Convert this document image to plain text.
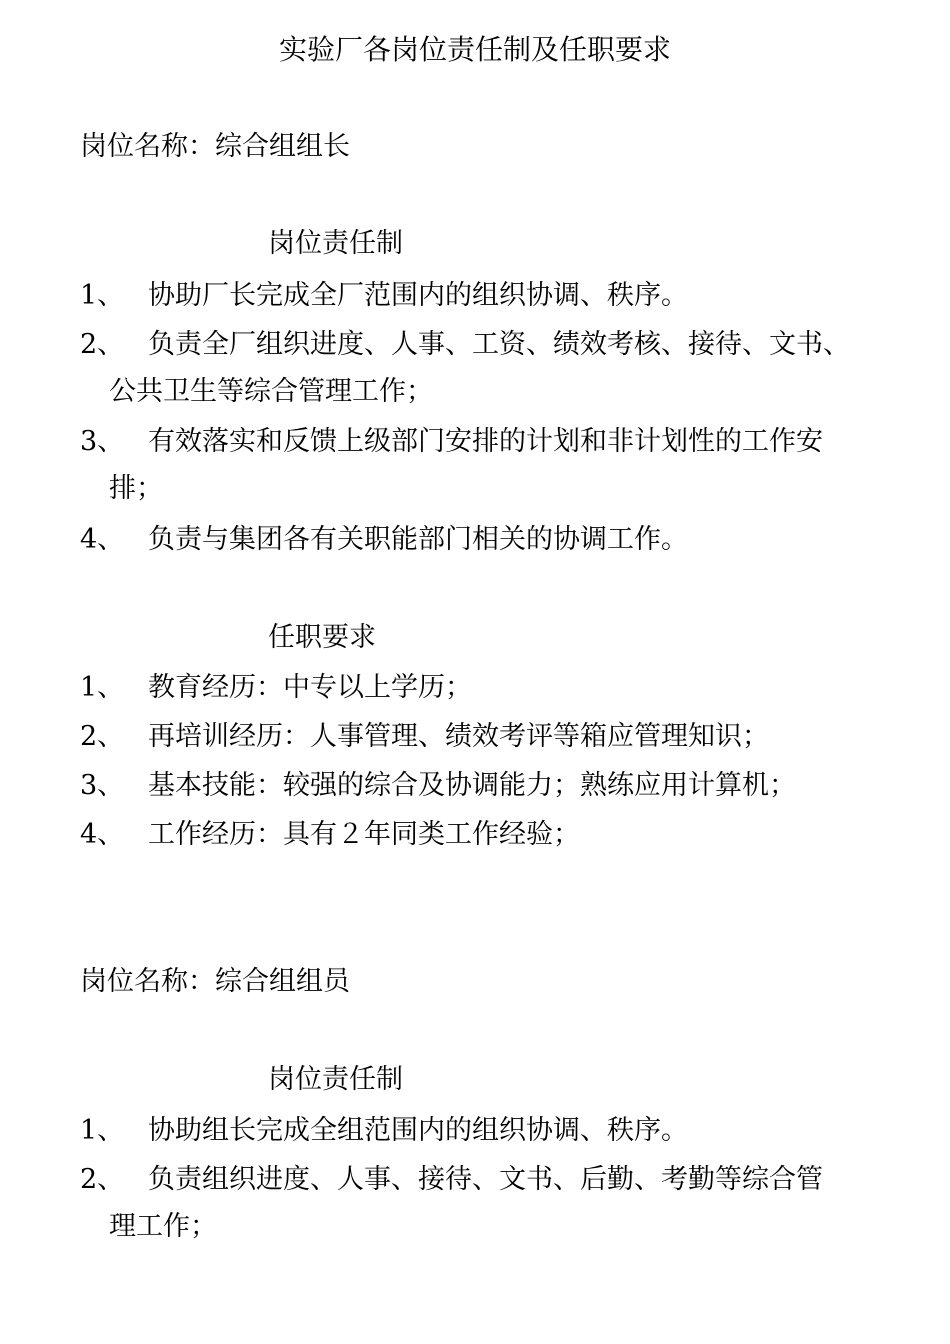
实验厂各岗位责任制及任职要求
岗位名称：综合组组长
岗位责任制
1、 协助厂长完成全厂范围内的组织协调、秩序。
2、 负责全厂组织进度、人事、工资、绩效考核、接待、文书、
公共卫生等综合管理工作；
3、 有效落实和反馈上级部门安排的计划和非计划性的工作安
排；
4、 负责与集团各有关职能部门相关的协调工作。
任职要求
1、 教育经历：中专以上学历；
2、 再培训经历：人事管理、绩效考评等箱应管理知识；
3、 基本技能：较强的综合及协调能力；熟练应用计算机；
4、 工作经历：具有２年同类工作经验；
岗位名称：综合组组员
岗位责任制
1、 协助组长完成全组范围内的组织协调、秩序。
2、 负责组织进度、人事、接待、文书、后勤、考勤等综合管
理工作；
